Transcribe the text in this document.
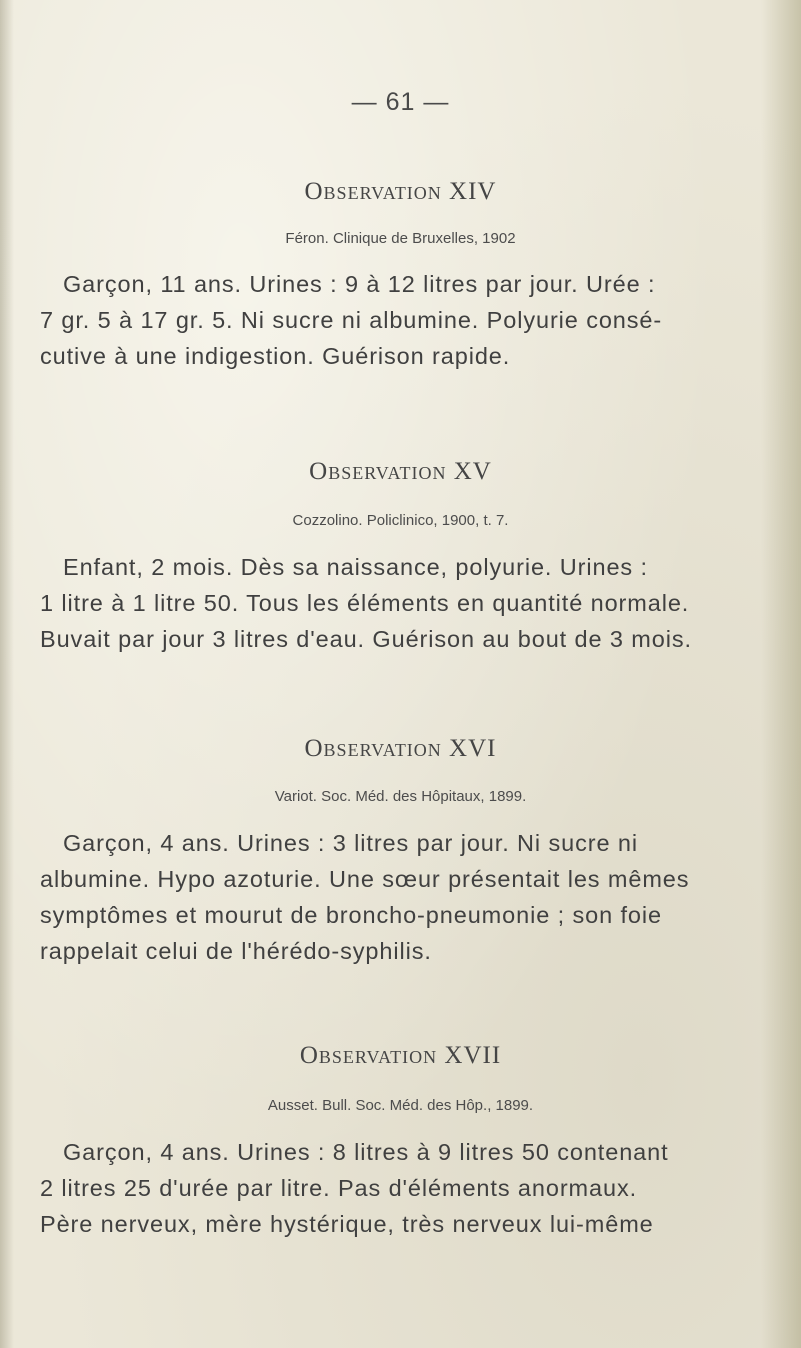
— 61 —
Observation XIV
Féron. Clinique de Bruxelles, 1902
Garçon, 11 ans. Urines : 9 à 12 litres par jour. Urée :
7 gr. 5 à 17 gr. 5. Ni sucre ni albumine. Polyurie consé-
cutive à une indigestion. Guérison rapide.
Observation XV
Cozzolino. Policlinico, 1900, t. 7.
Enfant, 2 mois. Dès sa naissance, polyurie. Urines :
1 litre à 1 litre 50. Tous les éléments en quantité normale.
Buvait par jour 3 litres d'eau. Guérison au bout de 3 mois.
Observation XVI
Variot. Soc. Méd. des Hôpitaux, 1899.
Garçon, 4 ans. Urines : 3 litres par jour. Ni sucre ni
albumine. Hypo azoturie. Une sœur présentait les mêmes
symptômes et mourut de broncho-pneumonie ; son foie
rappelait celui de l'hérédo-syphilis.
Observation XVII
Ausset. Bull. Soc. Méd. des Hôp., 1899.
Garçon, 4 ans. Urines : 8 litres à 9 litres 50 contenant
2 litres 25 d'urée par litre. Pas d'éléments anormaux.
Père nerveux, mère hystérique, très nerveux lui-même
